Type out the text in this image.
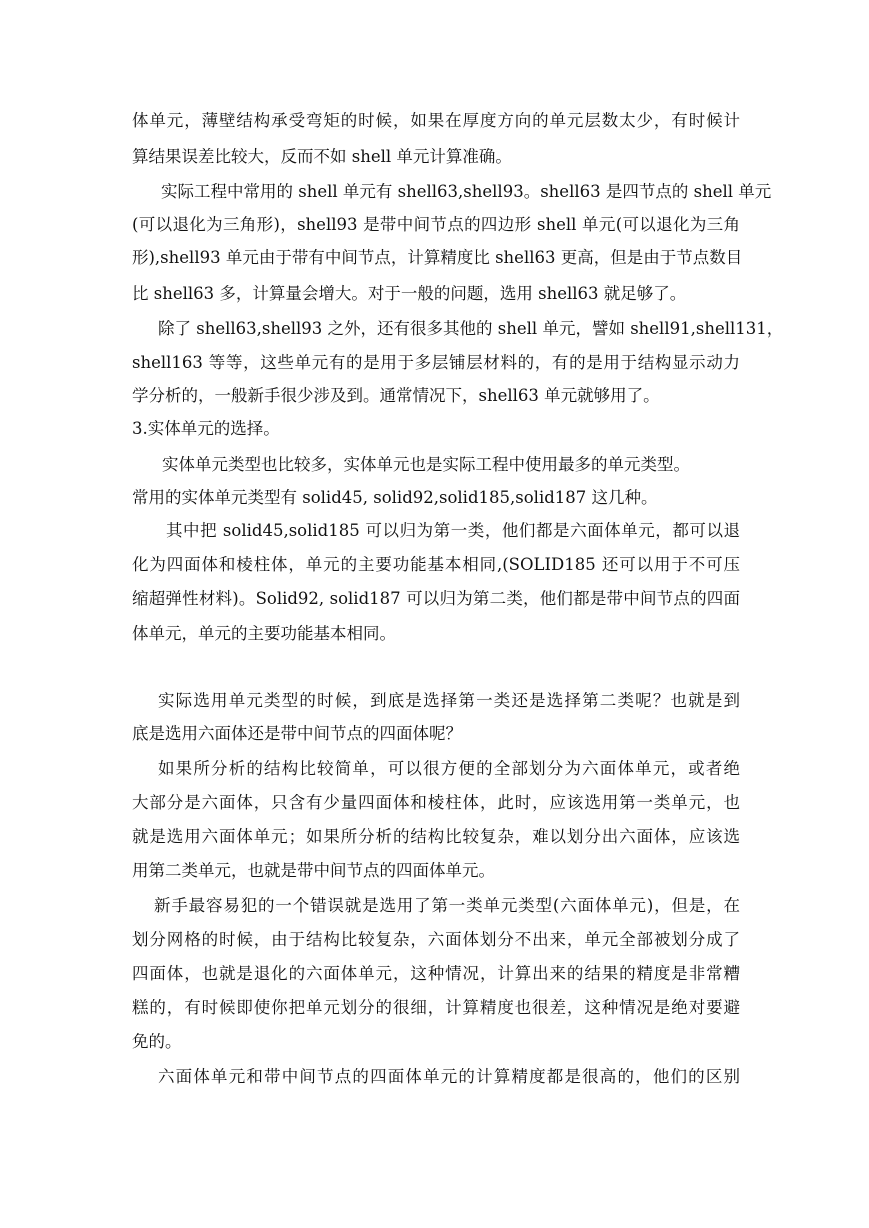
体单元，薄壁结构承受弯矩的时候，如果在厚度方向的单元层数太少，有时候计

算结果误差比较大，反而不如 shell 单元计算准确。

实际工程中常用的 shell 单元有 shell63,shell93。shell63 是四节点的 shell 单元

(可以退化为三角形)，shell93 是带中间节点的四边形 shell 单元(可以退化为三角

形),shell93 单元由于带有中间节点，计算精度比 shell63 更高，但是由于节点数目

比 shell63 多，计算量会增大。对于一般的问题，选用 shell63 就足够了。

除了 shell63,shell93 之外，还有很多其他的 shell 单元，譬如 shell91,shell131，

shell163 等等，这些单元有的是用于多层铺层材料的，有的是用于结构显示动力

学分析的，一般新手很少涉及到。通常情况下，shell63 单元就够用了。

3.实体单元的选择。

实体单元类型也比较多，实体单元也是实际工程中使用最多的单元类型。

常用的实体单元类型有 solid45, solid92,solid185,solid187 这几种。

其中把 solid45,solid185 可以归为第一类，他们都是六面体单元，都可以退

化为四面体和棱柱体，单元的主要功能基本相同,(SOLID185 还可以用于不可压

缩超弹性材料)。Solid92, solid187 可以归为第二类，他们都是带中间节点的四面

体单元，单元的主要功能基本相同。

实际选用单元类型的时候，到底是选择第一类还是选择第二类呢？也就是到

底是选用六面体还是带中间节点的四面体呢？

如果所分析的结构比较简单，可以很方便的全部划分为六面体单元，或者绝

大部分是六面体，只含有少量四面体和棱柱体，此时，应该选用第一类单元，也

就是选用六面体单元；如果所分析的结构比较复杂，难以划分出六面体，应该选

用第二类单元，也就是带中间节点的四面体单元。

新手最容易犯的一个错误就是选用了第一类单元类型(六面体单元)，但是，在

划分网格的时候，由于结构比较复杂，六面体划分不出来，单元全部被划分成了

四面体，也就是退化的六面体单元，这种情况，计算出来的结果的精度是非常糟

糕的，有时候即使你把单元划分的很细，计算精度也很差，这种情况是绝对要避

免的。

六面体单元和带中间节点的四面体单元的计算精度都是很高的，他们的区别
